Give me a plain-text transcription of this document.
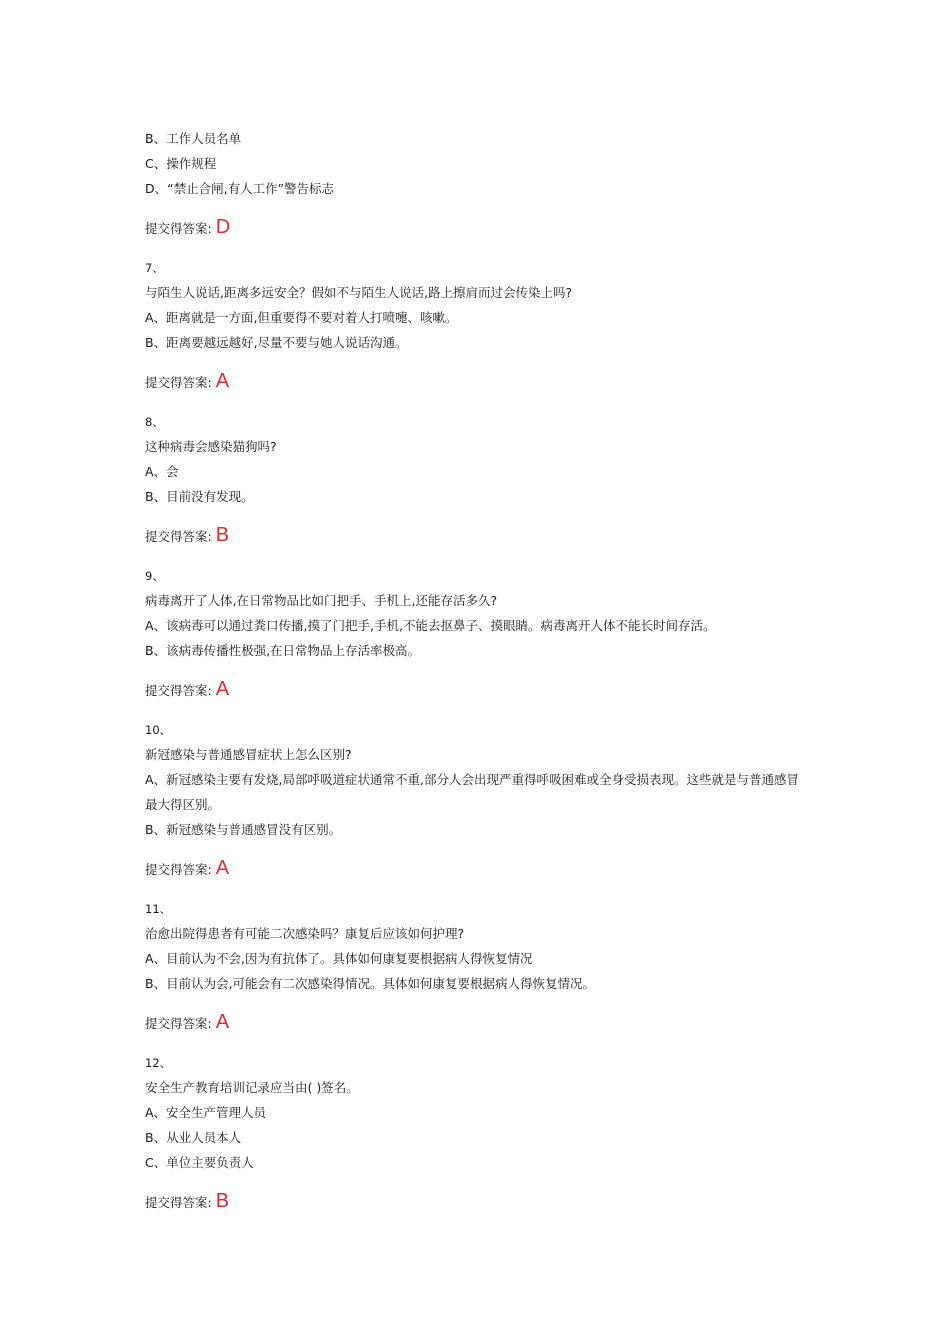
B、工作人员名单
C、操作规程
D、“禁止合闸,有人工作”警告标志
提交得答案: D
7、
与陌生人说话,距离多远安全？假如不与陌生人说话,路上擦肩而过会传染上吗?
A、距离就是一方面,但重要得不要对着人打喷嚏、咳嗽。
B、距离要越远越好,尽量不要与她人说话沟通。
提交得答案: A
8、
这种病毒会感染猫狗吗?
A、会
B、目前没有发现。
提交得答案: B
9、
病毒离开了人体,在日常物品比如门把手、手机上,还能存活多久?
A、该病毒可以通过粪口传播,摸了门把手,手机,不能去抠鼻子、摸眼睛。病毒离开人体不能长时间存活。
B、该病毒传播性极强,在日常物品上存活率极高。
提交得答案: A
10、
新冠感染与普通感冒症状上怎么区别?
A、新冠感染主要有发烧,局部呼吸道症状通常不重,部分人会出现严重得呼吸困难或全身受损表现。这些就是与普通感冒最大得区别。
B、新冠感染与普通感冒没有区别。
提交得答案: A
11、
治愈出院得患者有可能二次感染吗？康复后应该如何护理?
A、目前认为不会,因为有抗体了。具体如何康复要根据病人得恢复情况
B、目前认为会,可能会有二次感染得情况。具体如何康复要根据病人得恢复情况。
提交得答案: A
12、
安全生产教育培训记录应当由( )签名。
A、安全生产管理人员
B、从业人员本人
C、单位主要负责人
提交得答案: B
